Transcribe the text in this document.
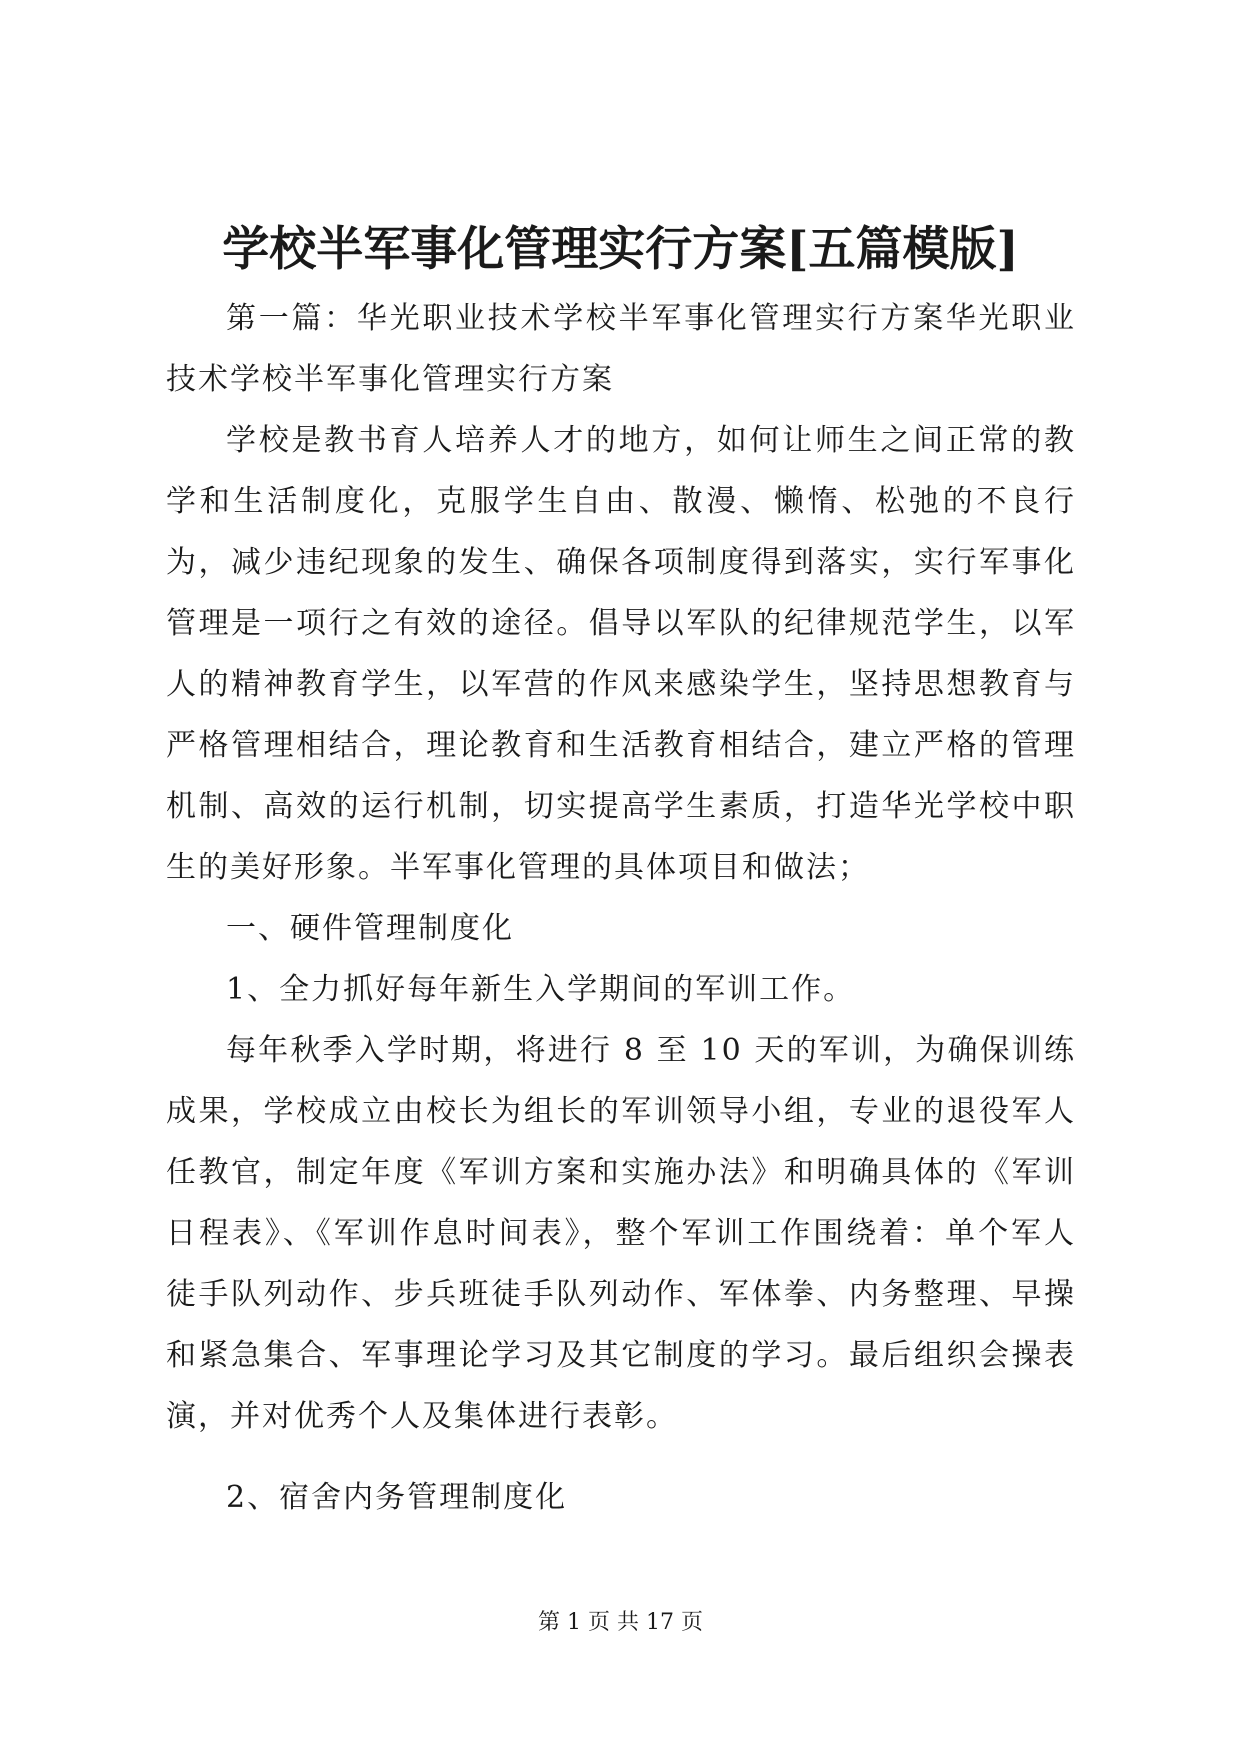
学校半军事化管理实行方案[五篇模版]

第一篇：华光职业技术学校半军事化管理实行方案华光职业技术学校半军事化管理实行方案

学校是教书育人培养人才的地方，如何让师生之间正常的教学和生活制度化，克服学生自由、散漫、懒惰、松弛的不良行为，减少违纪现象的发生、确保各项制度得到落实，实行军事化管理是一项行之有效的途径。倡导以军队的纪律规范学生，以军人的精神教育学生，以军营的作风来感染学生，坚持思想教育与严格管理相结合，理论教育和生活教育相结合，建立严格的管理机制、高效的运行机制，切实提高学生素质，打造华光学校中职生的美好形象。半军事化管理的具体项目和做法；

一、硬件管理制度化

1、全力抓好每年新生入学期间的军训工作。

每年秋季入学时期，将进行 8 至 10 天的军训，为确保训练成果，学校成立由校长为组长的军训领导小组，专业的退役军人任教官，制定年度《军训方案和实施办法》和明确具体的《军训日程表》、《军训作息时间表》，整个军训工作围绕着：单个军人徒手队列动作、步兵班徒手队列动作、军体拳、内务整理、早操和紧急集合、军事理论学习及其它制度的学习。最后组织会操表演，并对优秀个人及集体进行表彰。

2、宿舍内务管理制度化

第 1 页 共 17 页
